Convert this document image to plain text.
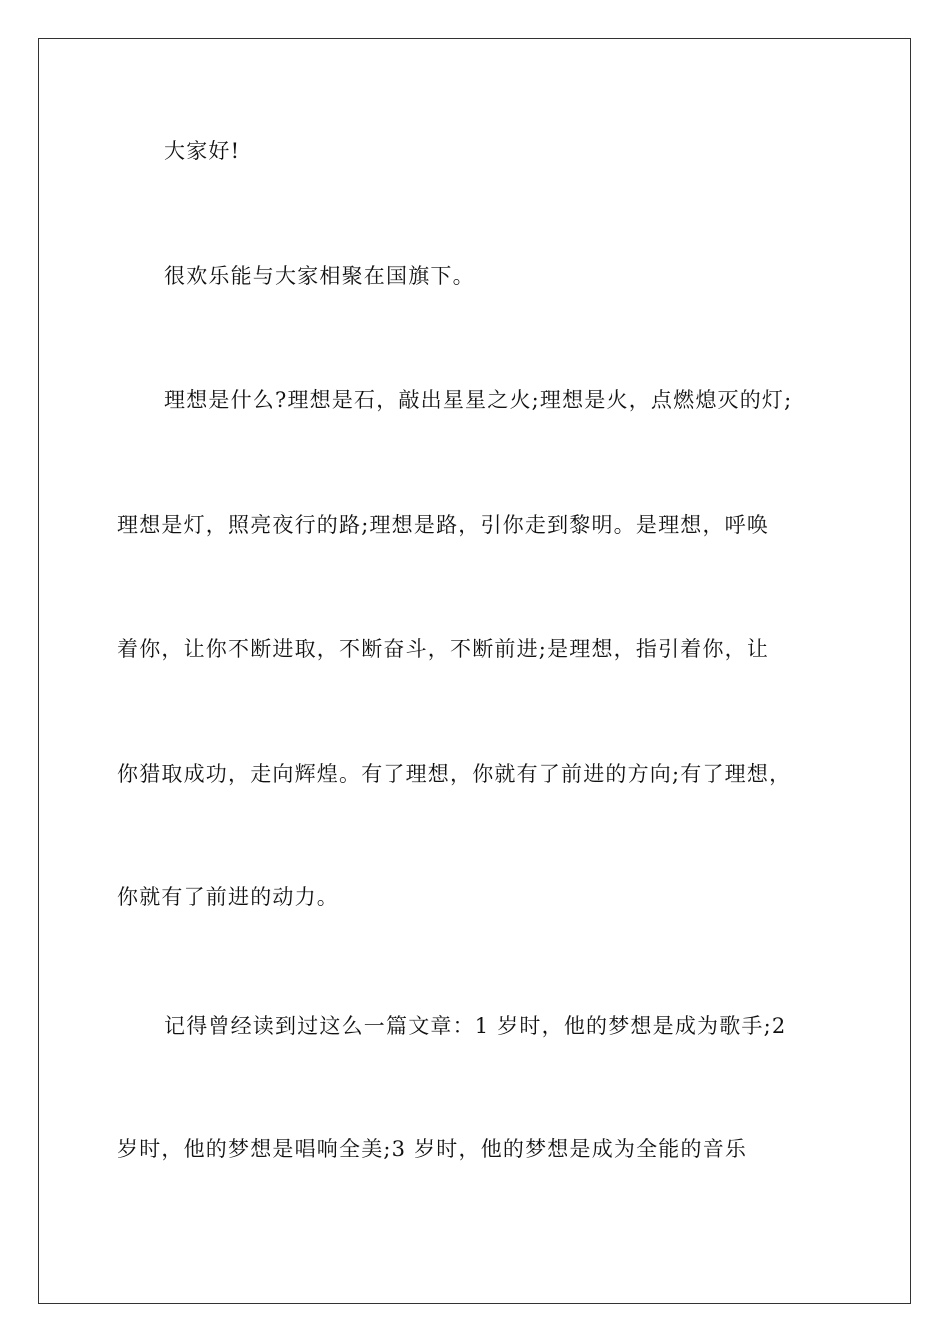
大家好!
很欢乐能与大家相聚在国旗下。
理想是什么?理想是石，敲出星星之火;理想是火，点燃熄灭的灯;
理想是灯，照亮夜行的路;理想是路，引你走到黎明。是理想，呼唤
着你，让你不断进取，不断奋斗，不断前进;是理想，指引着你，让
你猎取成功，走向辉煌。有了理想，你就有了前进的方向;有了理想，
你就有了前进的动力。
记得曾经读到过这么一篇文章：1 岁时，他的梦想是成为歌手;2
岁时，他的梦想是唱响全美;3 岁时，他的梦想是成为全能的音乐
